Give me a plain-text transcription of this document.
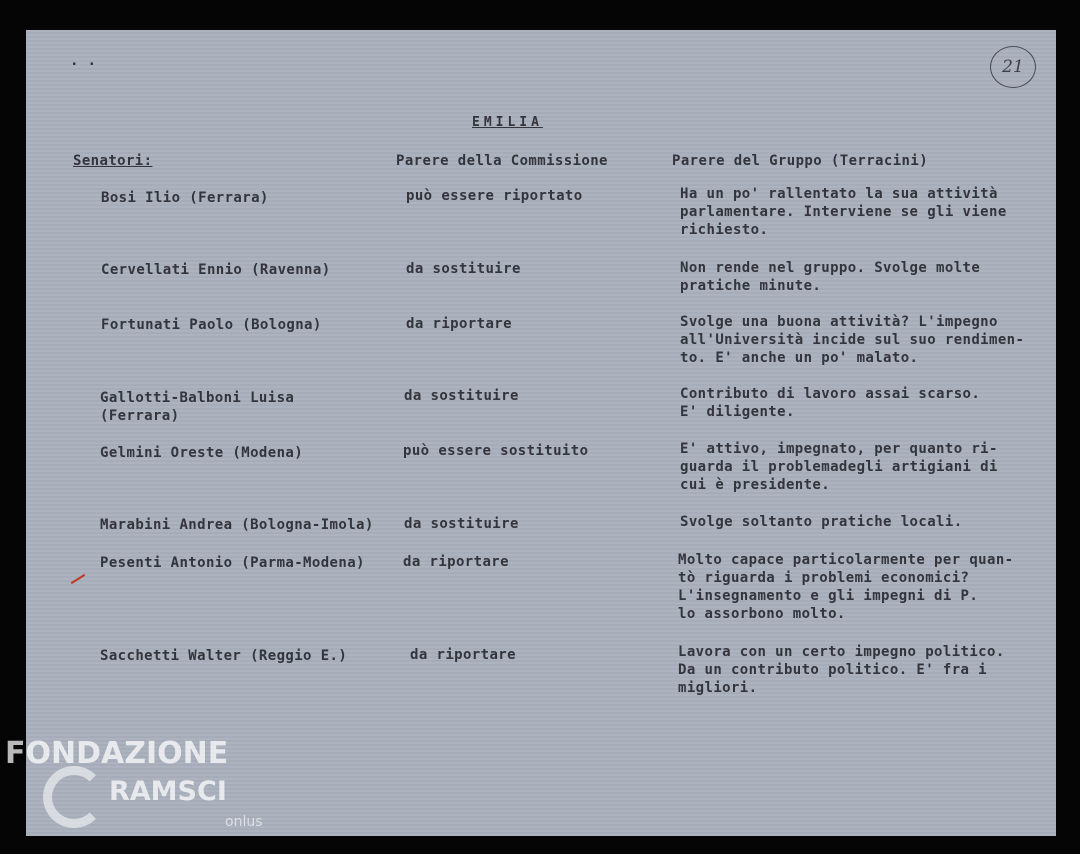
. .	21
EMILIA
Senatori:	Parere della Commissione	Parere del Gruppo (Terracini)
Bosi Ilio (Ferrara)	può essere riportato	Ha un po' rallentato la sua attività
parlamentare. Interviene se gli viene
richiesto.
Cervellati Ennio (Ravenna)	da sostituire	Non rende nel gruppo. Svolge molte
pratiche minute.
Fortunati Paolo (Bologna)	da riportare	Svolge una buona attività? L'impegno
all'Università incide sul suo rendimen-
to. E' anche un po' malato.
Gallotti-Balboni Luisa
(Ferrara)
da sostituire	Contributo di lavoro assai scarso.
E' diligente.
Gelmini Oreste (Modena)	può essere sostituito	E' attivo, impegnato, per quanto ri-
guarda il problemadegli artigiani di
cui è presidente.
Marabini Andrea (Bologna-Imola) da sostituire	Svolge soltanto pratiche locali.
Pesenti Antonio (Parma-Modena)	da riportare	Molto capace particolarmente per quan-
tò riguarda i problemi economici?
L'insegnamento e gli impegni di P.
lo assorbono molto.
Sacchetti Walter (Reggio E.)	da riportare	Lavora con un certo impegno politico.
Da un contributo politico. E' fra i
migliori.
FONDAZIONE
RAMSCI
onlus
